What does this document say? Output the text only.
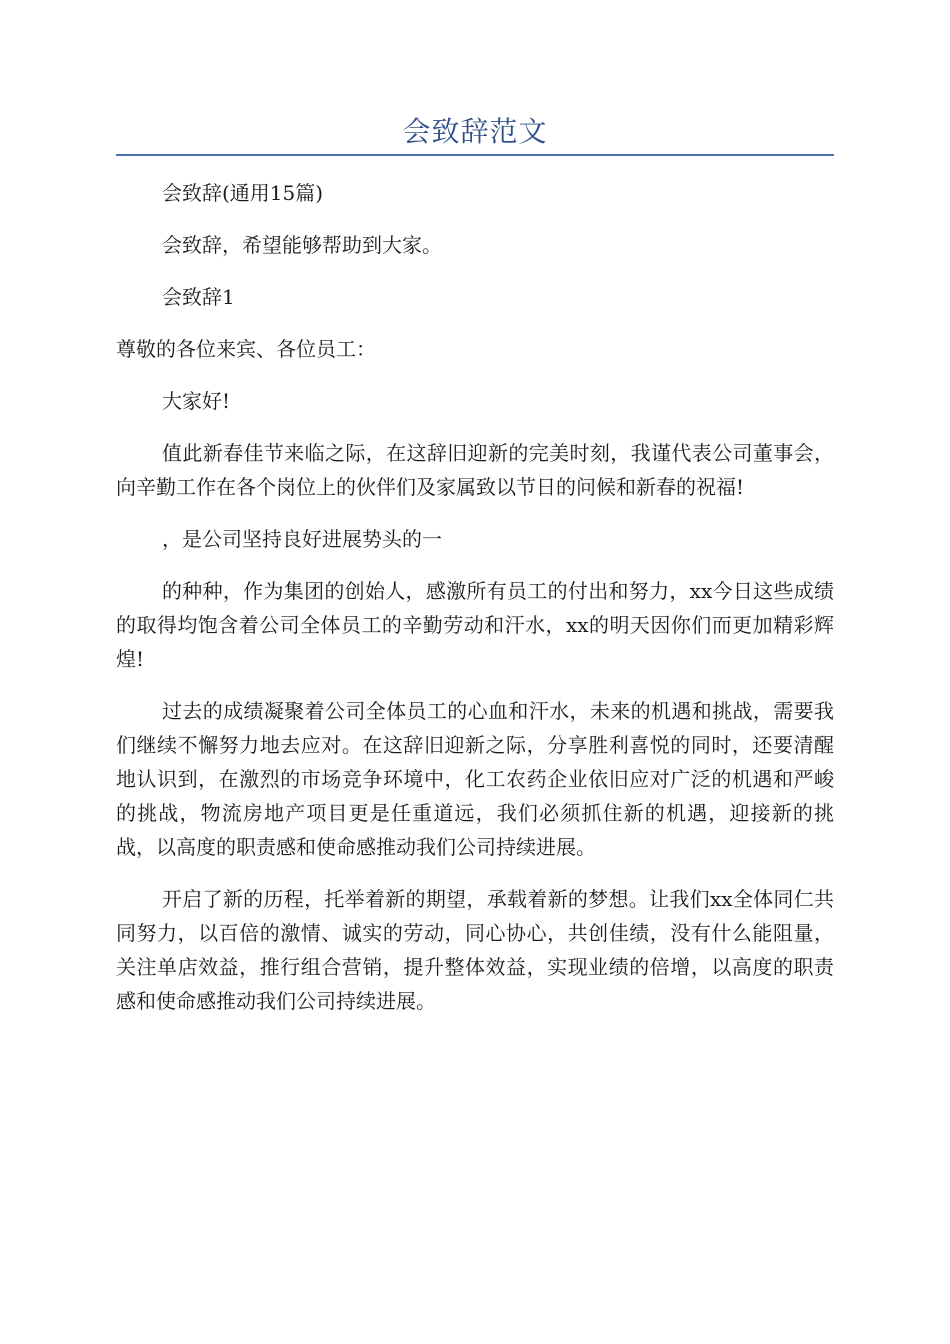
会致辞范文

会致辞(通用15篇)

会致辞，希望能够帮助到大家。

会致辞1

尊敬的各位来宾、各位员工：

大家好!

值此新春佳节来临之际，在这辞旧迎新的完美时刻，我谨代表公司董事会，向辛勤工作在各个岗位上的伙伴们及家属致以节日的问候和新春的祝福!

，是公司坚持良好进展势头的一

的种种，作为集团的创始人，感激所有员工的付出和努力，xx今日这些成绩的取得均饱含着公司全体员工的辛勤劳动和汗水，xx的明天因你们而更加精彩辉煌!

过去的成绩凝聚着公司全体员工的心血和汗水，未来的机遇和挑战，需要我们继续不懈努力地去应对。在这辞旧迎新之际，分享胜利喜悦的同时，还要清醒地认识到，在激烈的市场竞争环境中，化工农药企业依旧应对广泛的机遇和严峻的挑战，物流房地产项目更是任重道远，我们必须抓住新的机遇，迎接新的挑战，以高度的职责感和使命感推动我们公司持续进展。

开启了新的历程，托举着新的期望，承载着新的梦想。让我们xx全体同仁共同努力，以百倍的激情、诚实的劳动，同心协心，共创佳绩，没有什么能阻量，关注单店效益，推行组合营销，提升整体效益，实现业绩的倍增，以高度的职责感和使命感推动我们公司持续进展。
